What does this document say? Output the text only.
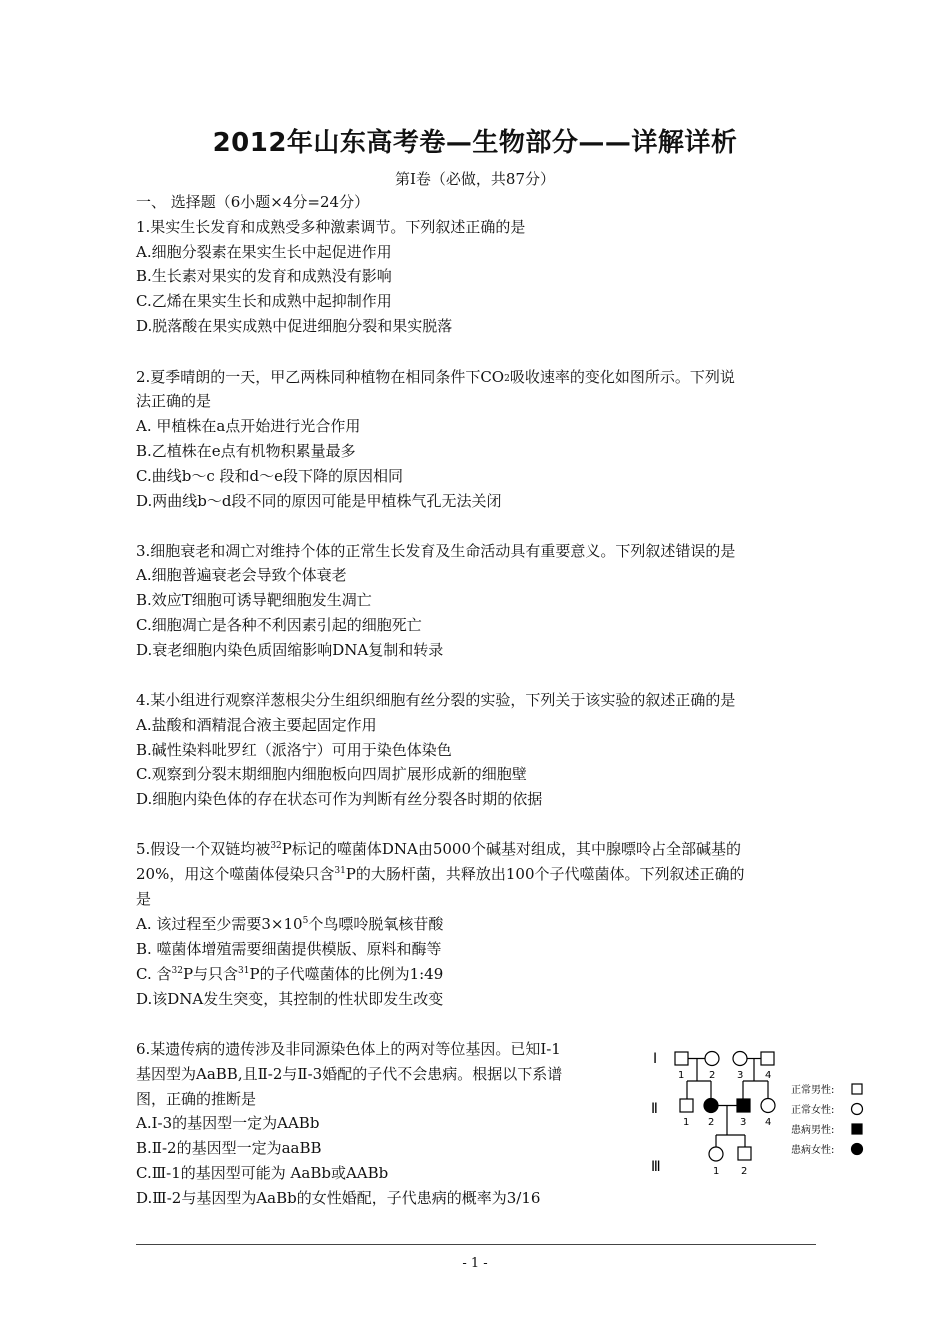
2012年山东高考卷—生物部分——详解详析
第Ⅰ卷（必做，共87分）
一、 选择题（6小题×4分=24分）
1.果实生长发育和成熟受多种激素调节。下列叙述正确的是
A.细胞分裂素在果实生长中起促进作用
B.生长素对果实的发育和成熟没有影响
C.乙烯在果实生长和成熟中起抑制作用
D.脱落酸在果实成熟中促进细胞分裂和果实脱落
2.夏季晴朗的一天，甲乙两株同种植物在相同条件下$CO_2$吸收速率的变化如图所示。下列说
法正确的是
A. 甲植株在a点开始进行光合作用
B.乙植株在e点有机物积累量最多
C.曲线b～c 段和d～e段下降的原因相同
D.两曲线b～d段不同的原因可能是甲植株气孔无法关闭
3.细胞衰老和凋亡对维持个体的正常生长发育及生命活动具有重要意义。下列叙述错误的是
A.细胞普遍衰老会导致个体衰老
B.效应T细胞可诱导靶细胞发生凋亡
C.细胞凋亡是各种不利因素引起的细胞死亡
D.衰老细胞内染色质固缩影响DNA复制和转录
4.某小组进行观察洋葱根尖分生组织细胞有丝分裂的实验，下列关于该实验的叙述正确的是
A.盐酸和酒精混合液主要起固定作用
B.碱性染料吡罗红（派洛宁）可用于染色体染色
C.观察到分裂末期细胞内细胞板向四周扩展形成新的细胞壁
D.细胞内染色体的存在状态可作为判断有丝分裂各时期的依据
5.假设一个双链均被$^{32}$P标记的噬菌体DNA由5000个碱基对组成，其中腺嘌呤占全部碱基的
20%，用这个噬菌体侵染只含$^{31}$P的大肠杆菌，共释放出100个子代噬菌体。下列叙述正确的
是
A. 该过程至少需要$3\times 10^5$个鸟嘌呤脱氧核苷酸
B. 噬菌体增殖需要细菌提供模版、原料和酶等
C. 含$^{32}$P与只含$^{31}$P的子代噬菌体的比例为1:49
D.该DNA发生突变，其控制的性状即发生改变
6.某遗传病的遗传涉及非同源染色体上的两对等位基因。已知Ⅰ-1
基因型为AaBB,且Ⅱ-2与Ⅱ-3婚配的子代不会患病。根据以下系谱
图，正确的推断是
A.Ⅰ-3的基因型一定为AABb
B.Ⅱ-2的基因型一定为aaBB
C.Ⅲ-1的基因型可能为 AaBb或AABb
D.Ⅲ-2与基因型为AaBb的女性婚配，子代患病的概率为3/16
Ⅰ
Ⅱ
Ⅲ
1 2 3 4
1 2	3 4
1 2
正常男性:
正常女性:
患病男性:
患病女性:
- 1 -
